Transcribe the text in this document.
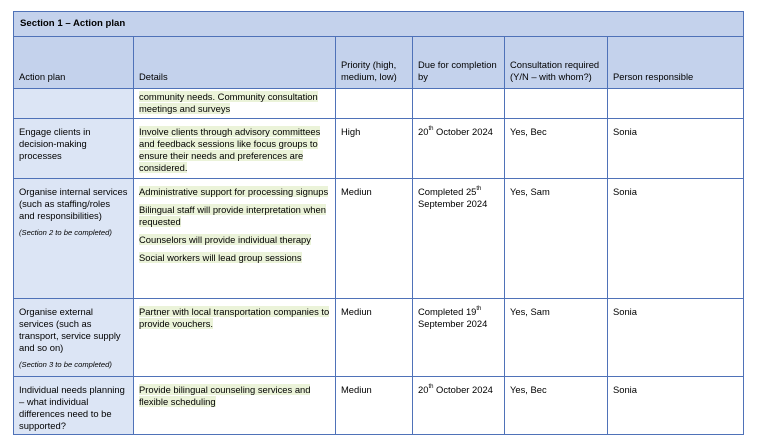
Section 1 – Action plan					
Action plan	Details	Priority (high, medium, low)	Due for completion by	Consultation required (Y/N – with whom?)	Person responsible
	community needs. Community consultation
meetings and surveys				
Engage clients in decision-making processes	Involve clients through advisory committees and feedback sessions like focus groups to ensure their needs and preferences are considered.	High	20th October 2024	Yes, Bec	Sonia
Organise internal services (such as staffing/roles and responsibilities)
(Section 2 to be completed)	Administrative support for processing signups
Bilingual staff will provide interpretation when requested
Counselors will provide individual therapy
Social workers will lead group sessions	Mediun	Completed 25th
September 2024	Yes, Sam	Sonia
Organise external services (such as transport, service supply and so on)
(Section 3 to be completed)	Partner with local transportation companies to provide vouchers.	Mediun	Completed 19th
September 2024	Yes, Sam	Sonia
Individual needs planning – what individual differences need to be supported?	Provide bilingual counseling services and flexible scheduling	Mediun	20th October 2024	Yes, Bec	Sonia
